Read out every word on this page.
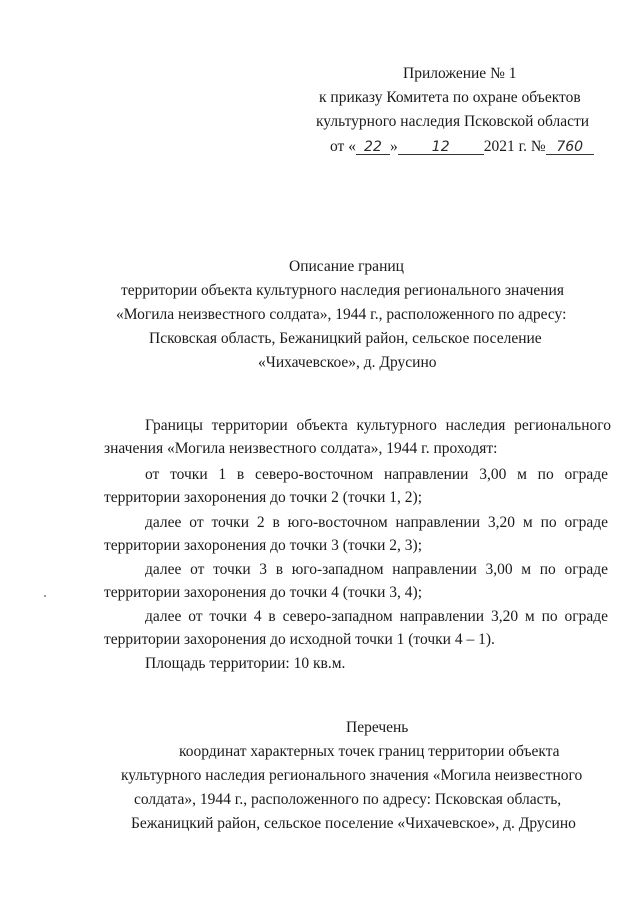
Приложение № 1
к приказу Комитета по охране объектов
культурного наследия Псковской области
от « 22 » 12 2021 г. № 760
Описание границ
территории объекта культурного наследия регионального значения
«Могила неизвестного солдата», 1944 г., расположенного по адресу:
Псковская область, Бежаницкий район, сельское поселение
«Чихачевское», д. Друсино
Границы территории объекта культурного наследия регионального
значения «Могила неизвестного солдата», 1944 г. проходят:
от точки 1 в северо-восточном направлении 3,00 м по ограде
территории захоронения до точки 2 (точки 1, 2);
далее от точки 2 в юго-восточном направлении 3,20 м по ограде
территории захоронения до точки 3 (точки 2, 3);
далее от точки 3 в юго-западном направлении 3,00 м по ограде
территории захоронения до точки 4 (точки 3, 4);
далее от точки 4 в северо-западном направлении 3,20 м по ограде
территории захоронения до исходной точки 1 (точки 4 – 1).
Площадь территории: 10 кв.м.
Перечень
координат характерных точек границ территории объекта
культурного наследия регионального значения «Могила неизвестного
солдата», 1944 г., расположенного по адресу: Псковская область,
Бежаницкий район, сельское поселение «Чихачевское», д. Друсино
